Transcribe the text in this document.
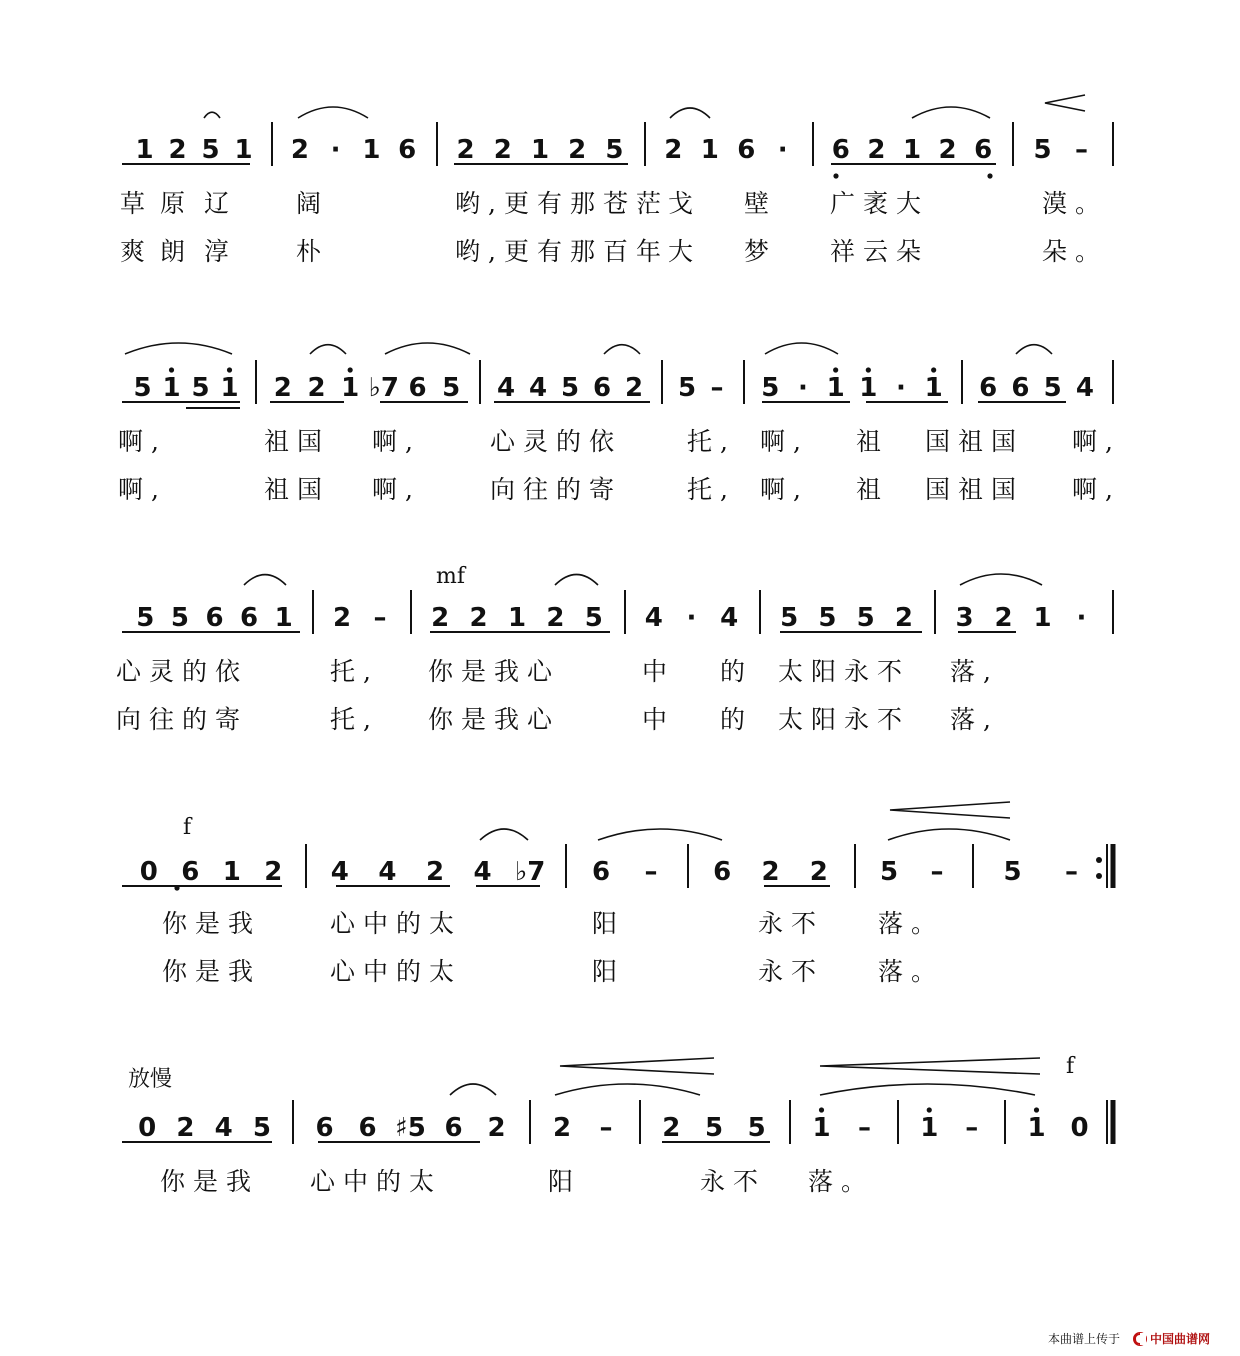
1 2 5 1 2 · 1 6 2 2 1 2 5 2 1 6 · 6 2 1 2 6 5 –
草 原 辽 阔	哟,更有那苍茫 戈 壁 广袤大	漠。
爽 朗 淳 朴	哟,更有那百年 大 梦 祥云朵	朵。
5 1 5 1 2 2 1 ♭7 6 5 4 4 5 6 2 5 – 5 · 1 1 · 1 6 6 5 4
mf
啊,	祖国 啊,	心灵的依	托, 啊, 祖 国祖国 啊,
啊,	祖国 啊,	向往的寄	托, 啊, 祖 国祖国 啊,
5 5 6 6 1 2 – 2 2 1 2 5 4 · 4 5 5 5 2 3 2 1 ·
心灵的依	托, 你是我心	中 的 太阳永不 落,
向往的寄	托, 你是我心	中 的 太阳永不 落,
0 6 1 2 4 4 2 4 ♭7 6 – 6 2 2 5 – 5 –
f
你是我	心中的太	阳	永不 落。
你是我	心中的太	阳	永不 落。
0 2 4 5 6 6 ♯5 6 2 2 – 2 5 5 1 – 1 – 1 0
f
你是我 心中的太	阳	永不 落。
放慢
本曲谱上传于 中国曲谱网
